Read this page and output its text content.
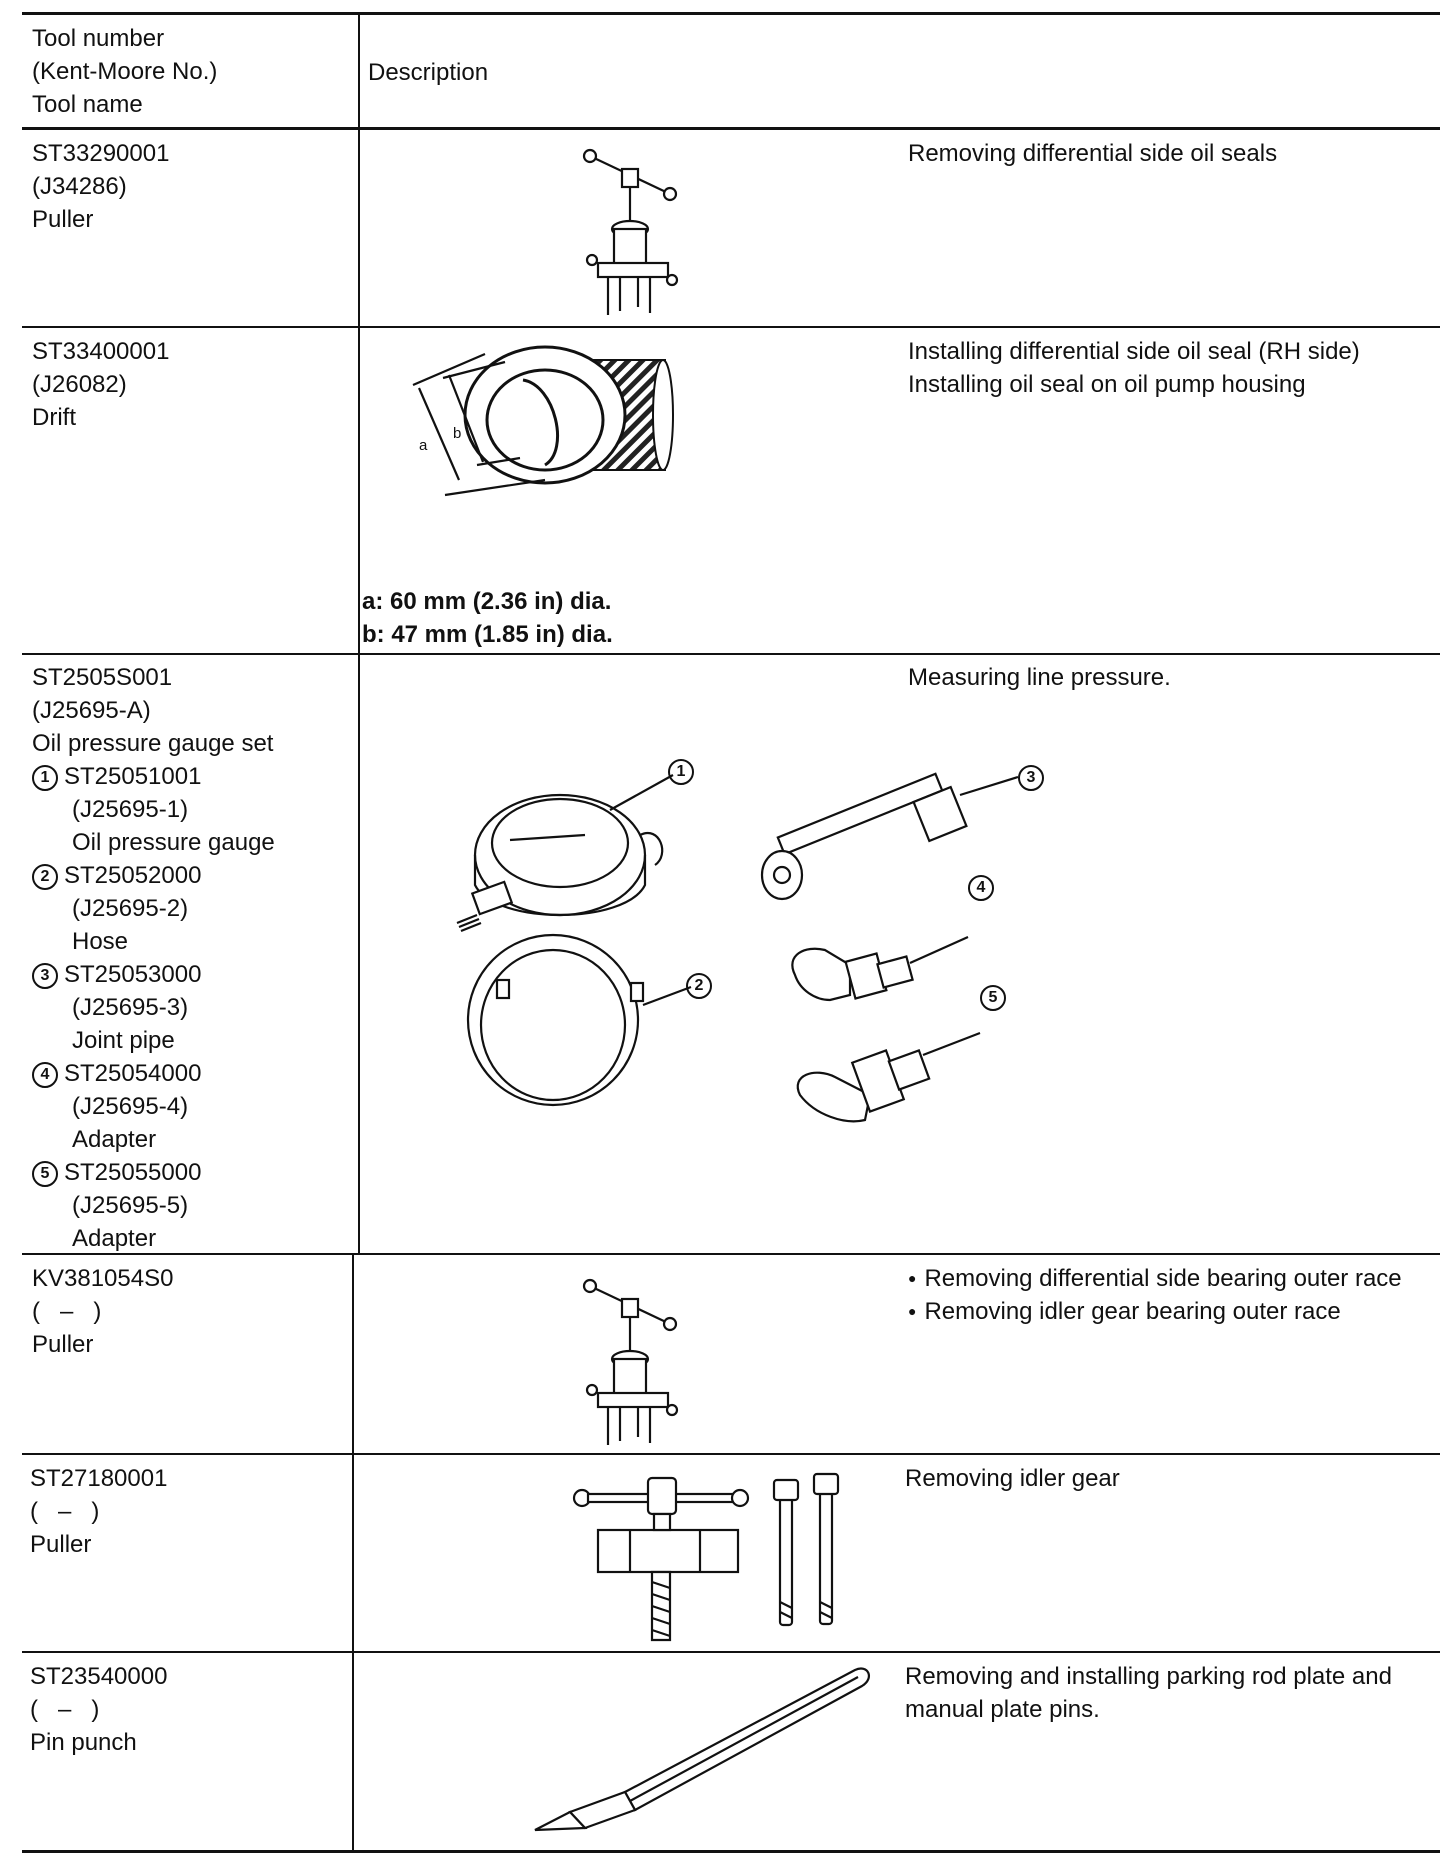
Tool number
(Kent-Moore No.)
Tool name
Description
ST33290001
(J34286)
Puller
Removing differential side oil seals
ST33400001
(J26082)
Drift
Installing differential side oil seal (RH side)
Installing oil seal on oil pump housing
a
b
a: 60 mm (2.36 in) dia.
b: 47 mm (1.85 in) dia.
ST2505S001
(J25695-A)
Oil pressure gauge set
1 ST25051001
(J25695-1)
Oil pressure gauge
2 ST25052000
(J25695-2)
Hose
3 ST25053000
(J25695-3)
Joint pipe
4 ST25054000
(J25695-4)
Adapter
5 ST25055000
(J25695-5)
Adapter
Measuring line pressure.
1
2
3
4
5
KV381054S0
(   –   )
Puller
● Removing differential side bearing outer race
● Removing idler gear bearing outer race
ST27180001
(   –   )
Puller
Removing idler gear
ST23540000
(   –   )
Pin punch
Removing and installing parking rod plate and
manual plate pins.
